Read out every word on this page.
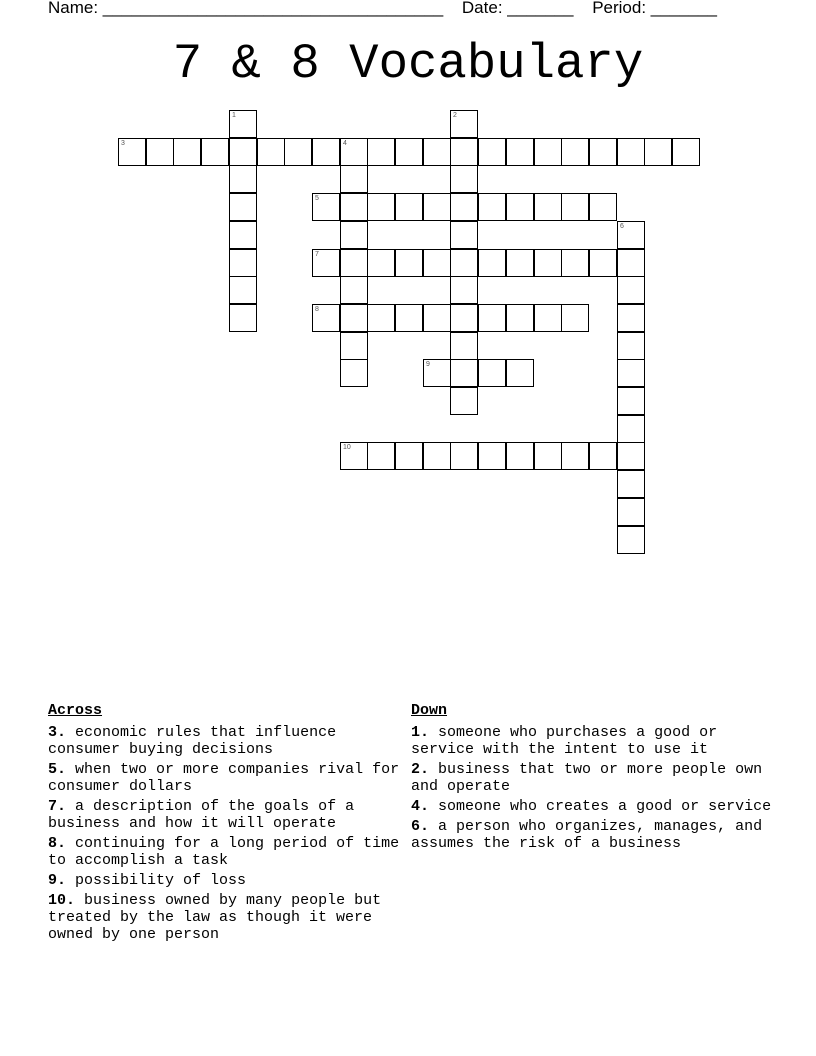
Name: ____________________________________ Date: _______ Period: _______
7 & 8 Vocabulary
1	2
3	4
5
6
7
8
9
10
Across
3. economic rules that influence consumer buying decisions
5. when two or more companies rival for consumer dollars
7. a description of the goals of a business and how it will operate
8. continuing for a long period of time to accomplish a task
9. possibility of loss
10. business owned by many people but treated by the law as though it were owned by one person
Down
1. someone who purchases a good or service with the intent to use it
2. business that two or more people own and operate
4. someone who creates a good or service
6. a person who organizes, manages, and assumes the risk of a business
